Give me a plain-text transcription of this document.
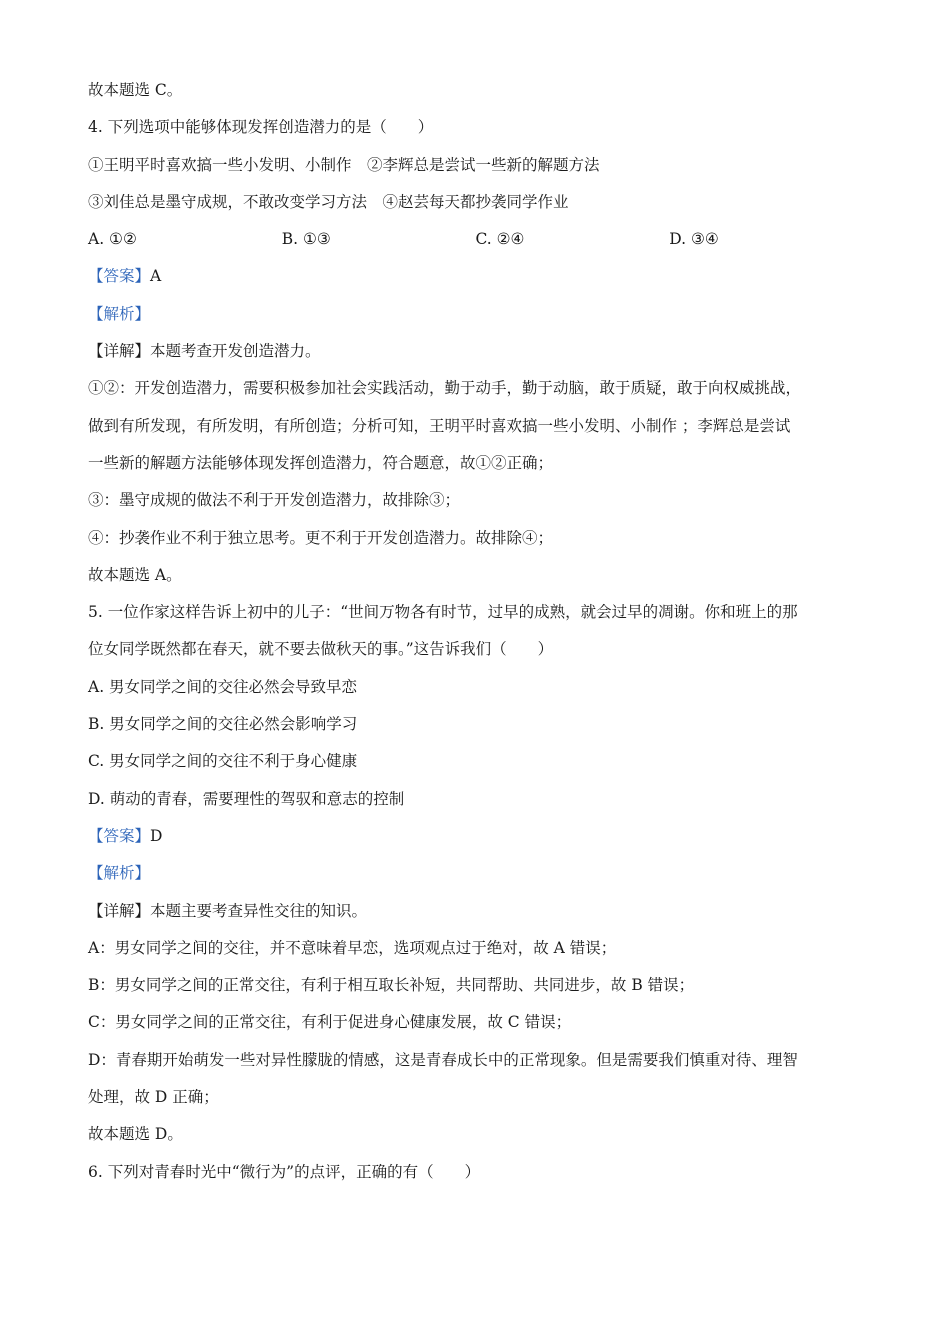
故本题选 C。
4. 下列选项中能够体现发挥创造潜力的是（　　）
①王明平时喜欢搞一些小发明、小制作　②李辉总是尝试一些新的解题方法
③刘佳总是墨守成规，不敢改变学习方法　④赵芸每天都抄袭同学作业
A. ①②	B. ①③	C. ②④	D. ③④
【答案】A
【解析】
【详解】本题考查开发创造潜力。
①②：开发创造潜力，需要积极参加社会实践活动，勤于动手，勤于动脑，敢于质疑，敢于向权威挑战，
做到有所发现，有所发明，有所创造；分析可知，王明平时喜欢搞一些小发明、小制作 ；李辉总是尝试
一些新的解题方法能够体现发挥创造潜力，符合题意，故①②正确；
③：墨守成规的做法不利于开发创造潜力，故排除③；
④：抄袭作业不利于独立思考。更不利于开发创造潜力。故排除④；
故本题选 A。
5. 一位作家这样告诉上初中的儿子：“世间万物各有时节，过早的成熟，就会过早的凋谢。你和班上的那
位女同学既然都在春天，就不要去做秋天的事。”这告诉我们（　　）
A. 男女同学之间的交往必然会导致早恋
B. 男女同学之间的交往必然会影响学习
C. 男女同学之间的交往不利于身心健康
D. 萌动的青春，需要理性的驾驭和意志的控制
【答案】D
【解析】
【详解】本题主要考查异性交往的知识。
A：男女同学之间的交往，并不意味着早恋，选项观点过于绝对，故 A 错误；
B：男女同学之间的正常交往，有利于相互取长补短，共同帮助、共同进步，故 B 错误；
C：男女同学之间的正常交往，有利于促进身心健康发展，故 C 错误；
D：青春期开始萌发一些对异性朦胧的情感，这是青春成长中的正常现象。但是需要我们慎重对待、理智
处理，故 D 正确；
故本题选 D。
6. 下列对青春时光中“微行为”的点评，正确的有（　　）
